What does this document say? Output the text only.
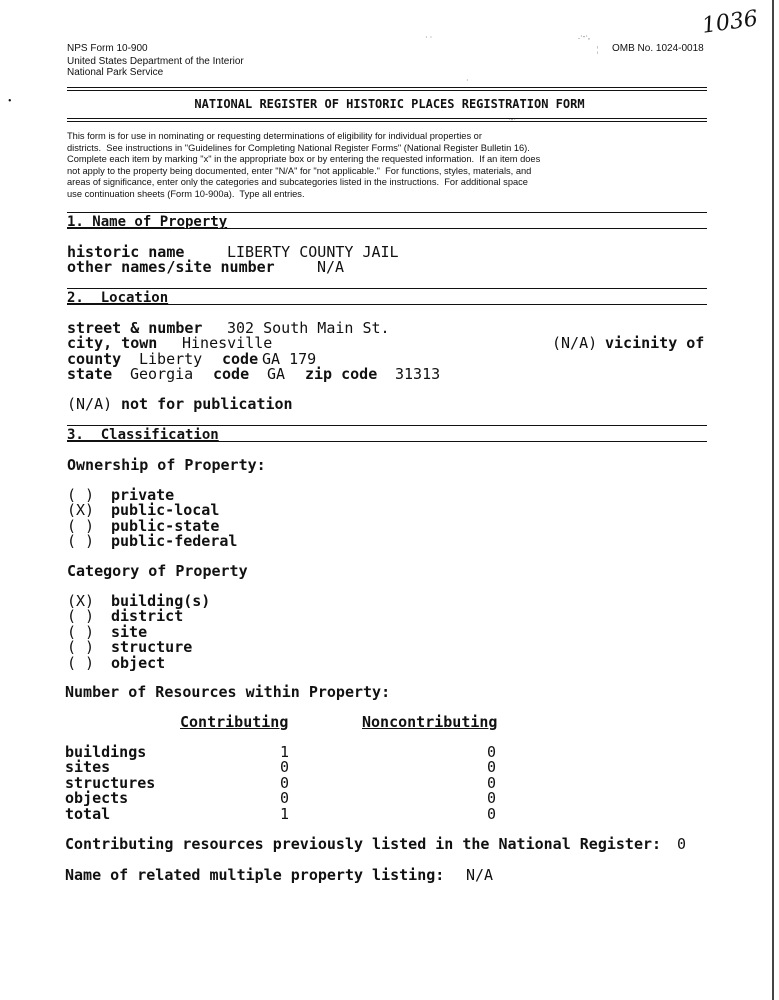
1036
· ·	.·-·,
¦
·
·-·
•
NPS Form 10-900	OMB No. 1024-0018
United States Department of the Interior
National Park Service
NATIONAL REGISTER OF HISTORIC PLACES REGISTRATION FORM
This form is for use in nominating or requesting determinations of eligibility for individual properties or
districts.  See instructions in "Guidelines for Completing National Register Forms" (National Register Bulletin 16).
Complete each item by marking "x" in the appropriate box or by entering the requested information.  If an item does
not apply to the property being documented, enter "N/A" for "not applicable."  For functions, styles, materials, and
areas of significance, enter only the categories and subcategories listed in the instructions.  For additional space
use continuation sheets (Form 10-900a).  Type all entries.
1. Name of Property
historic name	LIBERTY COUNTY JAIL
other names/site number	N/A
2.  Location
street & number 302 South Main St.
city, town Hinesville	(N/A) vicinity of
county Liberty code GA 179
state Georgia code GA zip code 31313
(N/A) not for publication
3.  Classification
Ownership of Property:
( ) private
(X) public-local
( ) public-state
( ) public-federal
Category of Property
(X) building(s)
( ) district
( ) site
( ) structure
( ) object
Number of Resources within Property:
Contributing	Noncontributing
buildings	1	0
sites	0	0
structures	0	0
objects	0	0
total	1	0
Contributing resources previously listed in the National Register: 0
Name of related multiple property listing: N/A
